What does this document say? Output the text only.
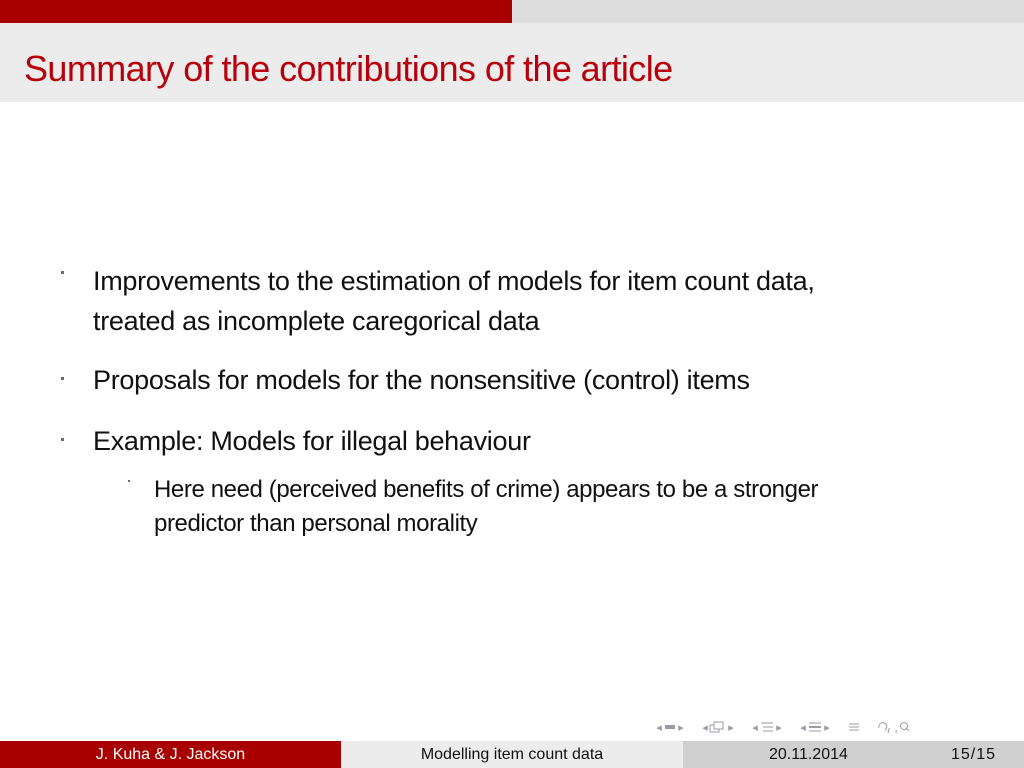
Summary of the contributions of the article
Improvements to the estimation of models for item count data,
treated as incomplete caregorical data
Proposals for models for the nonsensitive (control) items
Example: Models for illegal behaviour
Here need (perceived benefits of crime) appears to be a stronger
predictor than personal morality
◂ ▸ ◂ ▸ ◂ ▸ ◂ ▸
J. Kuha & J. Jackson	Modelling item count data	20.11.2014	15/15
